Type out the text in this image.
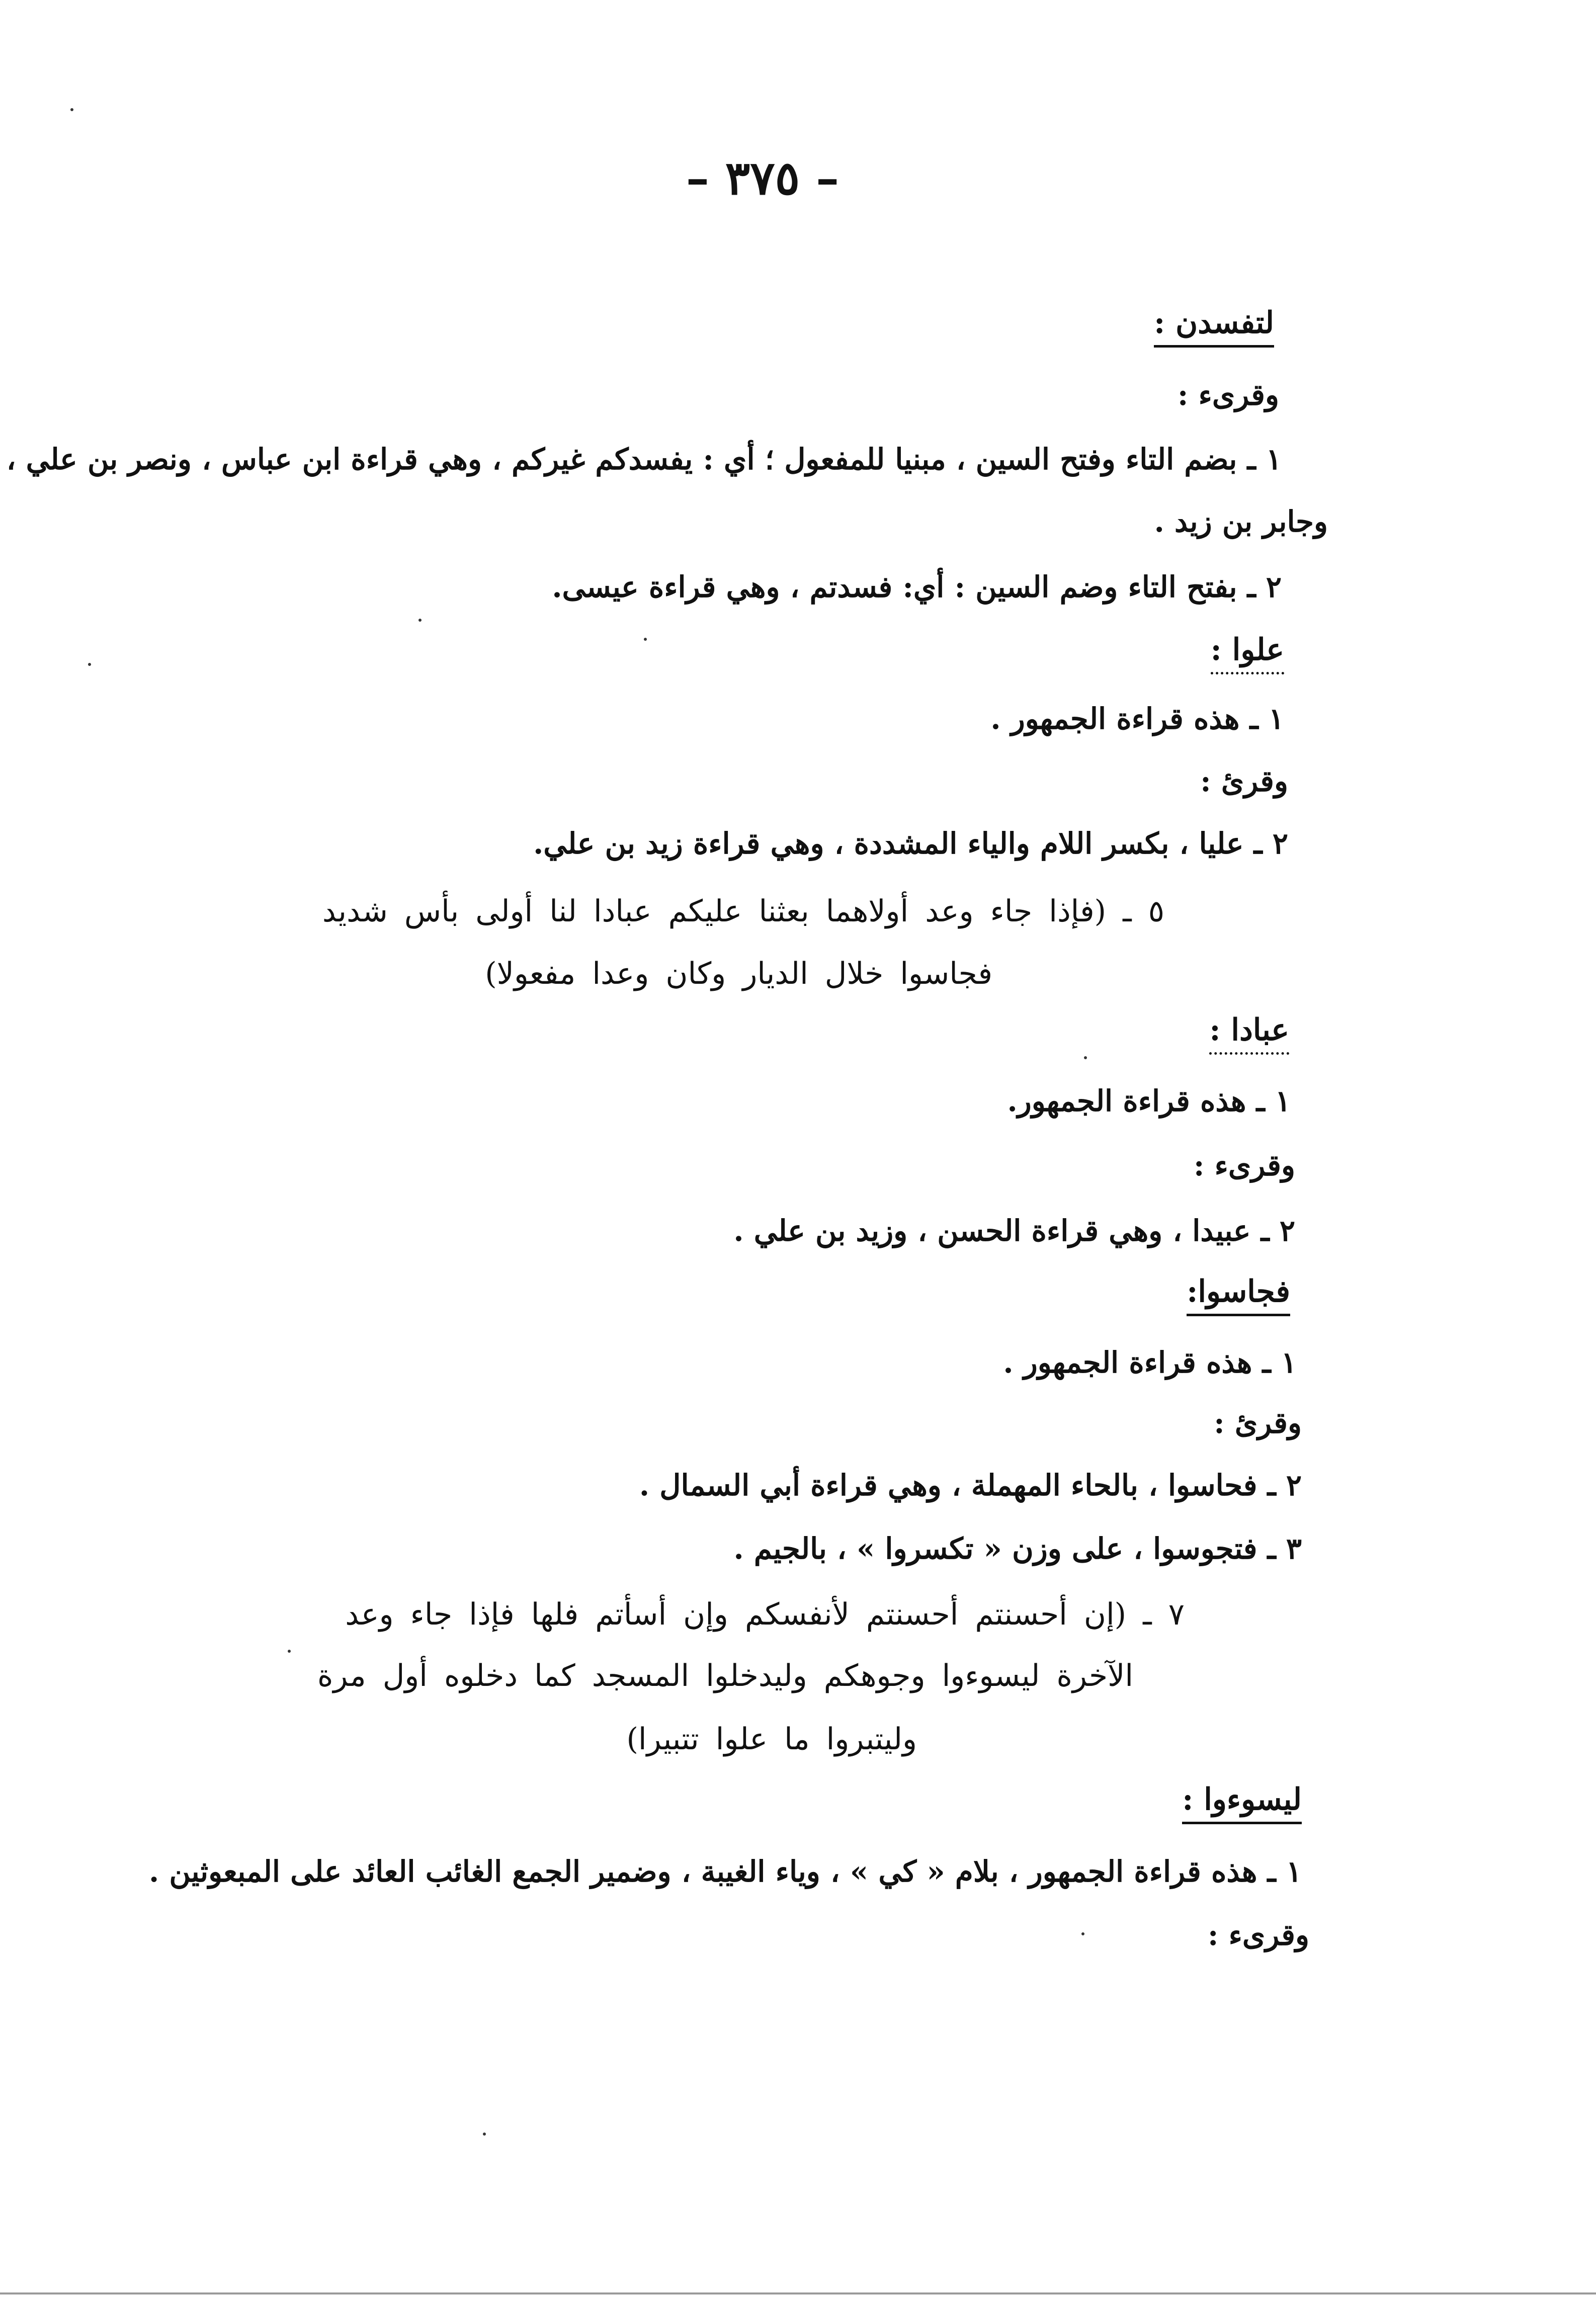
– ٣٧٥ –
لتفسدن :
وقرىء :
١ ـ بضم التاء وفتح السين ، مبنيا للمفعول ؛ أي : يفسدكم غيركم ، وهي قراءة ابن عباس ، ونصر بن علي ،
وجابر بن زيد .
٢ ـ بفتح التاء وضم السين : أي: فسدتم ، وهي قراءة عيسى.
علوا :
١ ـ هذه قراءة الجمهور .
وقرئ :
٢ ـ عليا ، بكسر اللام والياء المشددة ، وهي قراءة زيد بن علي.
٥ ـ (فإذا جاء وعد أولاهما بعثنا عليكم عبادا لنا أولى بأس شديد
فجاسوا خلال الديار وكان وعدا مفعولا)
عبادا :
١ ـ هذه قراءة الجمهور.
وقرىء :
٢ ـ عبيدا ، وهي قراءة الحسن ، وزيد بن علي .
فجاسوا:
١ ـ هذه قراءة الجمهور .
وقرئ :
٢ ـ فحاسوا ، بالحاء المهملة ، وهي قراءة أبي السمال .
٣ ـ فتجوسوا ، على وزن « تكسروا » ، بالجيم .
٧ ـ (إن أحسنتم أحسنتم لأنفسكم وإن أسأتم فلها فإذا جاء وعد
الآخرة ليسوءوا وجوهكم وليدخلوا المسجد كما دخلوه أول مرة
وليتبروا ما علوا تتبيرا)
ليسوءوا :
١ ـ هذه قراءة الجمهور ، بلام « كي » ، وياء الغيبة ، وضمير الجمع الغائب العائد على المبعوثين .
وقرىء :
